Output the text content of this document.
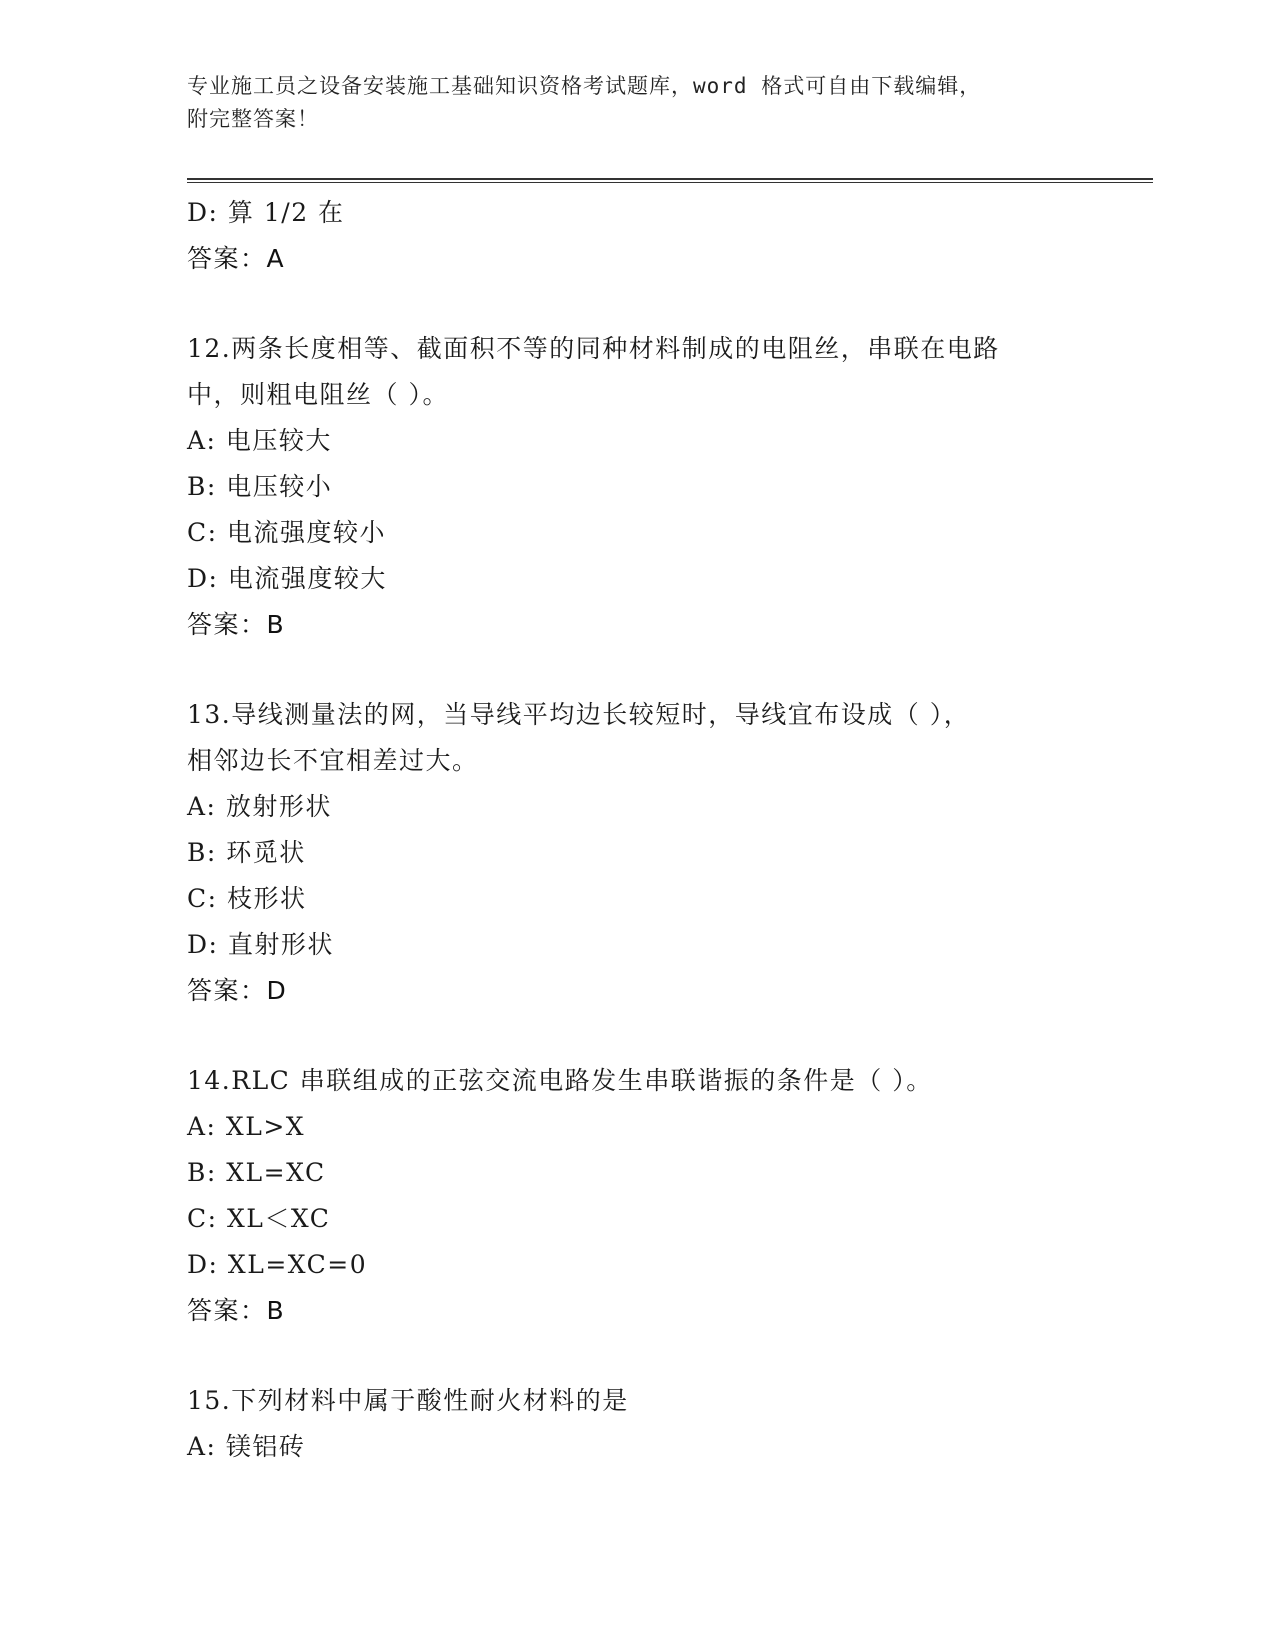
专业施工员之设备安装施工基础知识资格考试题库，word 格式可自由下载编辑，
附完整答案！
D: 算 1/2 在
答案：A
12.两条长度相等、截面积不等的同种材料制成的电阻丝，串联在电路
中，则粗电阻丝（ ）。
A: 电压较大
B: 电压较小
C: 电流强度较小
D: 电流强度较大
答案：B
13.导线测量法的网，当导线平均边长较短时，导线宜布设成（ ），
相邻边长不宜相差过大。
A: 放射形状
B: 环觅状
C: 枝形状
D: 直射形状
答案：D
14.RLC 串联组成的正弦交流电路发生串联谐振的条件是（ ）。
A: XL>X
B: XL=XC
C: XL＜XC
D: XL=XC=0
答案：B
15.下列材料中属于酸性耐火材料的是
A: 镁铝砖
